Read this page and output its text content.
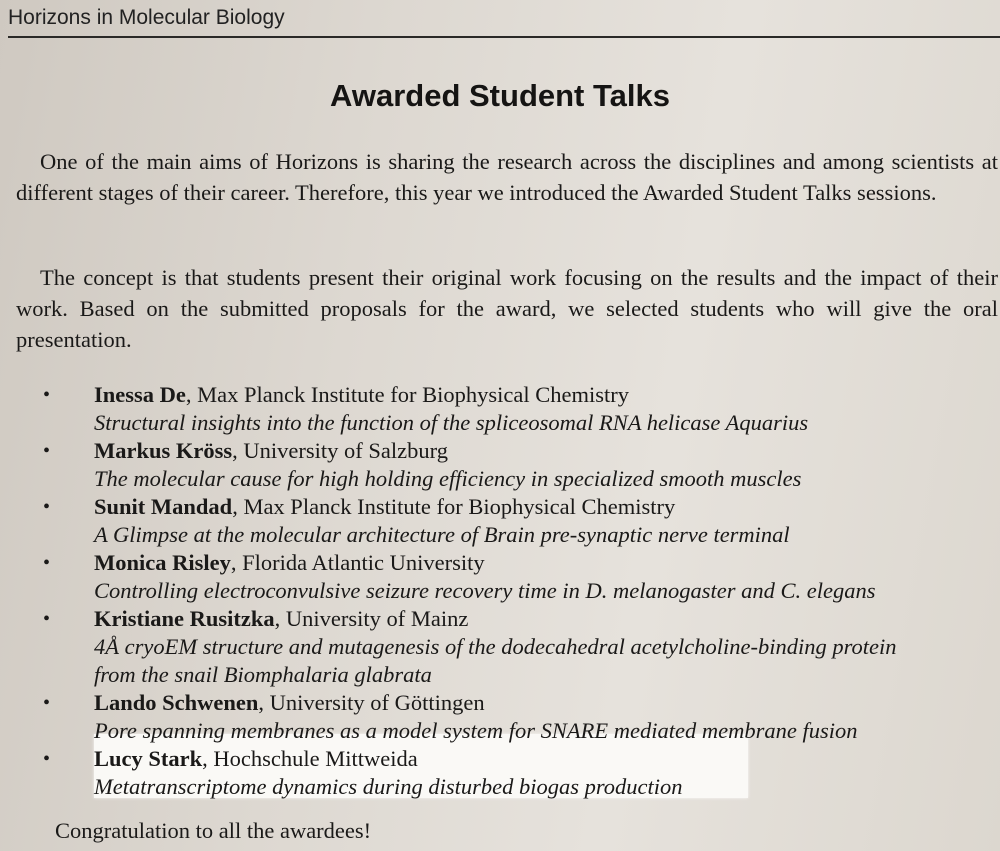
Horizons in Molecular Biology
Awarded Student Talks

One of the main aims of Horizons is sharing the research across the disciplines and among scientists at different stages of their career. Therefore, this year we introduced the Awarded Student Talks sessions.

The concept is that students present their original work focusing on the results and the impact of their work. Based on the submitted proposals for the award, we selected students who will give the oral presentation.

• Inessa De, Max Planck Institute for Biophysical Chemistry
Structural insights into the function of the spliceosomal RNA helicase Aquarius
• Markus Kröss, University of Salzburg
The molecular cause for high holding efficiency in specialized smooth muscles
• Sunit Mandad, Max Planck Institute for Biophysical Chemistry
A Glimpse at the molecular architecture of Brain pre-synaptic nerve terminal
• Monica Risley, Florida Atlantic University
Controlling electroconvulsive seizure recovery time in D. melanogaster and C. elegans
• Kristiane Rusitzka, University of Mainz
4Å cryoEM structure and mutagenesis of the dodecahedral acetylcholine-binding protein
from the snail Biomphalaria glabrata
• Lando Schwenen, University of Göttingen
Pore spanning membranes as a model system for SNARE mediated membrane fusion
• Lucy Stark, Hochschule Mittweida
Metatranscriptome dynamics during disturbed biogas production
Congratulation to all the awardees!
